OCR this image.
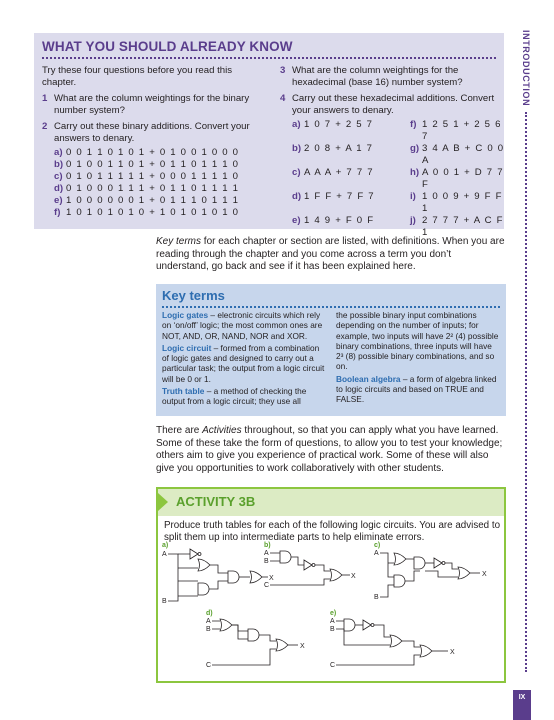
WHAT YOU SHOULD ALREADY KNOW
Try these four questions before you read this chapter.
1 What are the column weightings for the binary number system?
2 Carry out these binary additions. Convert your answers to denary.
a) 0 0 1 1 0 1 0 1 + 0 1 0 0 1 0 0 0
b) 0 1 0 0 1 1 0 1 + 0 1 1 0 1 1 1 0
c) 0 1 0 1 1 1 1 1 + 0 0 0 1 1 1 1 0
d) 0 1 0 0 0 1 1 1 + 0 1 1 0 1 1 1 1
e) 1 0 0 0 0 0 0 1 + 0 1 1 1 0 1 1 1
f) 1 0 1 0 1 0 1 0 + 1 0 1 0 1 0 1 0
3 What are the column weightings for the hexadecimal (base 16) number system?
4 Carry out these hexadecimal additions. Convert your answers to denary.
a) 1 0 7 + 2 5 7	f) 1 2 5 1 + 2 5 6 7
b) 2 0 8 + A 1 7	g) 3 4 A B + C 0 0 A
c) A A A + 7 7 7	h) A 0 0 1 + D 7 7 F
d) 1 F F + 7 F 7	i) 1 0 0 9 + 9 F F 1
e) 1 4 9 + F 0 F	j) 2 7 7 7 + A C F 1
INTRODUCTION
IX
Key terms for each chapter or section are listed, with definitions. When you are reading through the chapter and you come across a term you don’t understand, go back and see if it has been explained here.
Key terms
Logic gates – electronic circuits which rely on ‘on/off’ logic; the most common ones are NOT, AND, OR, NAND, NOR and XOR.
Logic circuit – formed from a combination of logic gates and designed to carry out a particular task; the output from a logic circuit will be 0 or 1.
Truth table – a method of checking the output from a logic circuit; they use all
the possible binary input combinations depending on the number of inputs; for example, two inputs will have 2² (4) possible binary combinations, three inputs will have 2³ (8) possible binary combinations, and so on.
Boolean algebra – a form of algebra linked to logic circuits and based on TRUE and FALSE.
There are Activities throughout, so that you can apply what you have learned. Some of these take the form of questions, to allow you to test your knowledge; others aim to give you experience of practical work. Some of these will also give you opportunities to work collaboratively with other students.
ACTIVITY 3B
Produce truth tables for each of the following logic circuits. You are advised to split them up into intermediate parts to help eliminate errors.
a)
A
B
X
b)
A
B
C
X
c)
A
B
X
d)
A
B
C
X
e)
A
B
C
X
